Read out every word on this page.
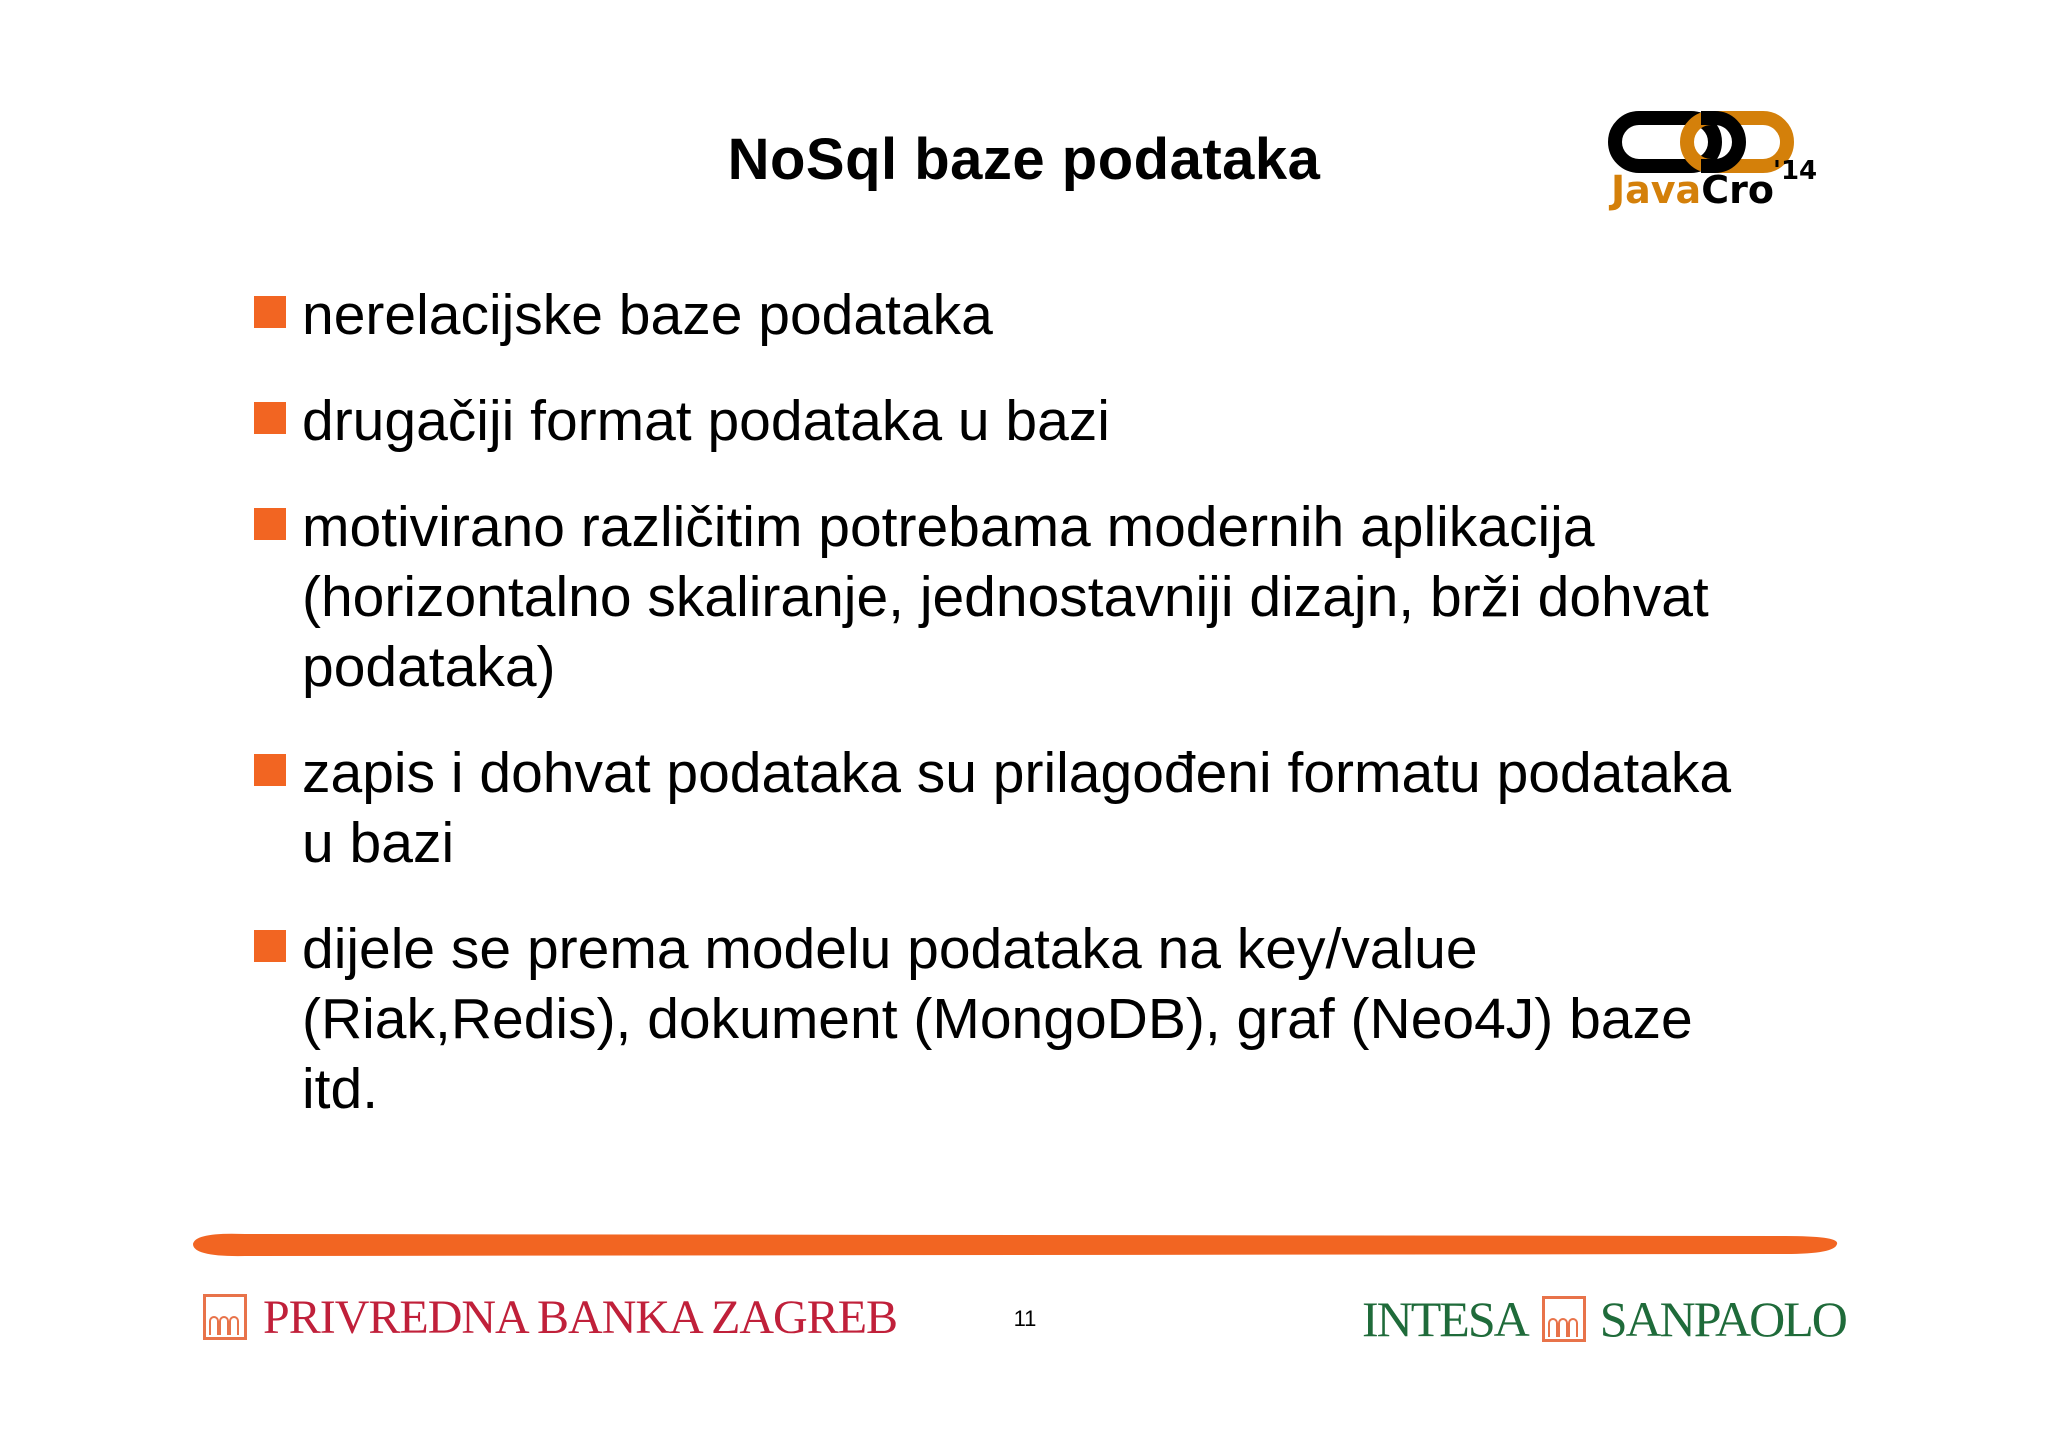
NoSql baze podataka	JavaCro '14
nerelacijske baze podataka
drugačiji format podataka u bazi
motivirano različitim potrebama modernih aplikacija (horizontalno skaliranje, jednostavniji dizajn, brži dohvat podataka)
zapis i dohvat podataka su prilagođeni formatu podataka u bazi
dijele se prema modelu podataka na key/value (Riak,Redis), dokument (MongoDB), graf (Neo4J) baze itd.
PRIVREDNA BANKA ZAGREB	11	INTESA SANPAOLO
